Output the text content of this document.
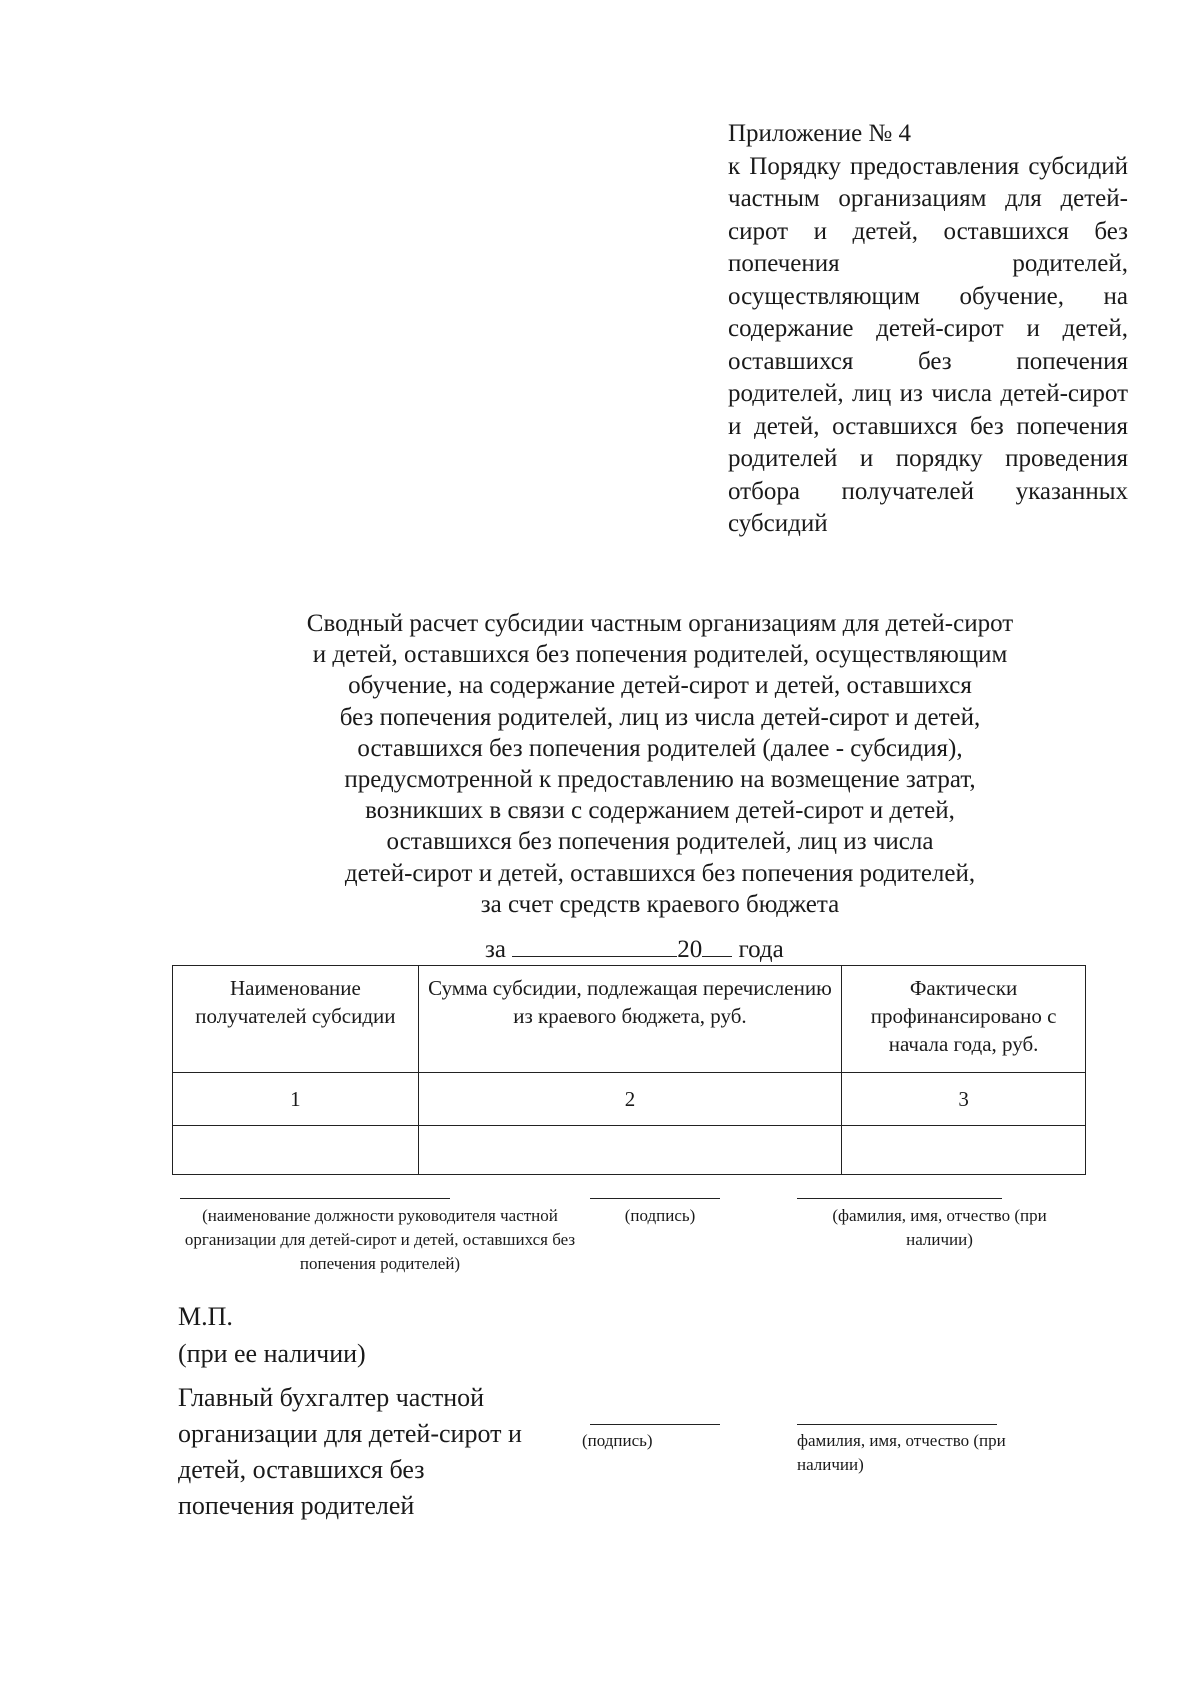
Приложение № 4
к Порядку предоставления субсидий частным организациям для детей-сирот и детей, оставшихся без попечения родителей, осуществляющим обучение, на содержание детей-сирот и детей, оставшихся без попечения родителей, лиц из числа детей-сирот и детей, оставшихся без попечения родителей и порядку проведения отбора получателей указанных субсидий
Сводный расчет субсидии частным организациям для детей-сирот
и детей, оставшихся без попечения родителей, осуществляющим
обучение, на содержание детей-сирот и детей, оставшихся
без попечения родителей, лиц из числа детей-сирот и детей,
оставшихся без попечения родителей (далее - субсидия),
предусмотренной к предоставлению на возмещение затрат,
возникших в связи с содержанием детей-сирот и детей,
оставшихся без попечения родителей, лиц из числа
детей-сирот и детей, оставшихся без попечения родителей,
за счет средств краевого бюджета
за	20 года
Наименование получателей субсидии	Сумма субсидии, подлежащая перечислению из краевого бюджета, руб.	Фактически профинансировано с начала года, руб.
1	2	3

(наименование должности руководителя частной организации для детей-сирот и детей, оставшихся без попечения родителей)
(подпись)	(фамилия, имя, отчество (при наличии)
М.П.
(при ее наличии)
Главный бухгалтер частной
организации для детей-сирот и
детей, оставшихся без
попечения родителей
(подпись)	фамилия, имя, отчество (при наличии)
